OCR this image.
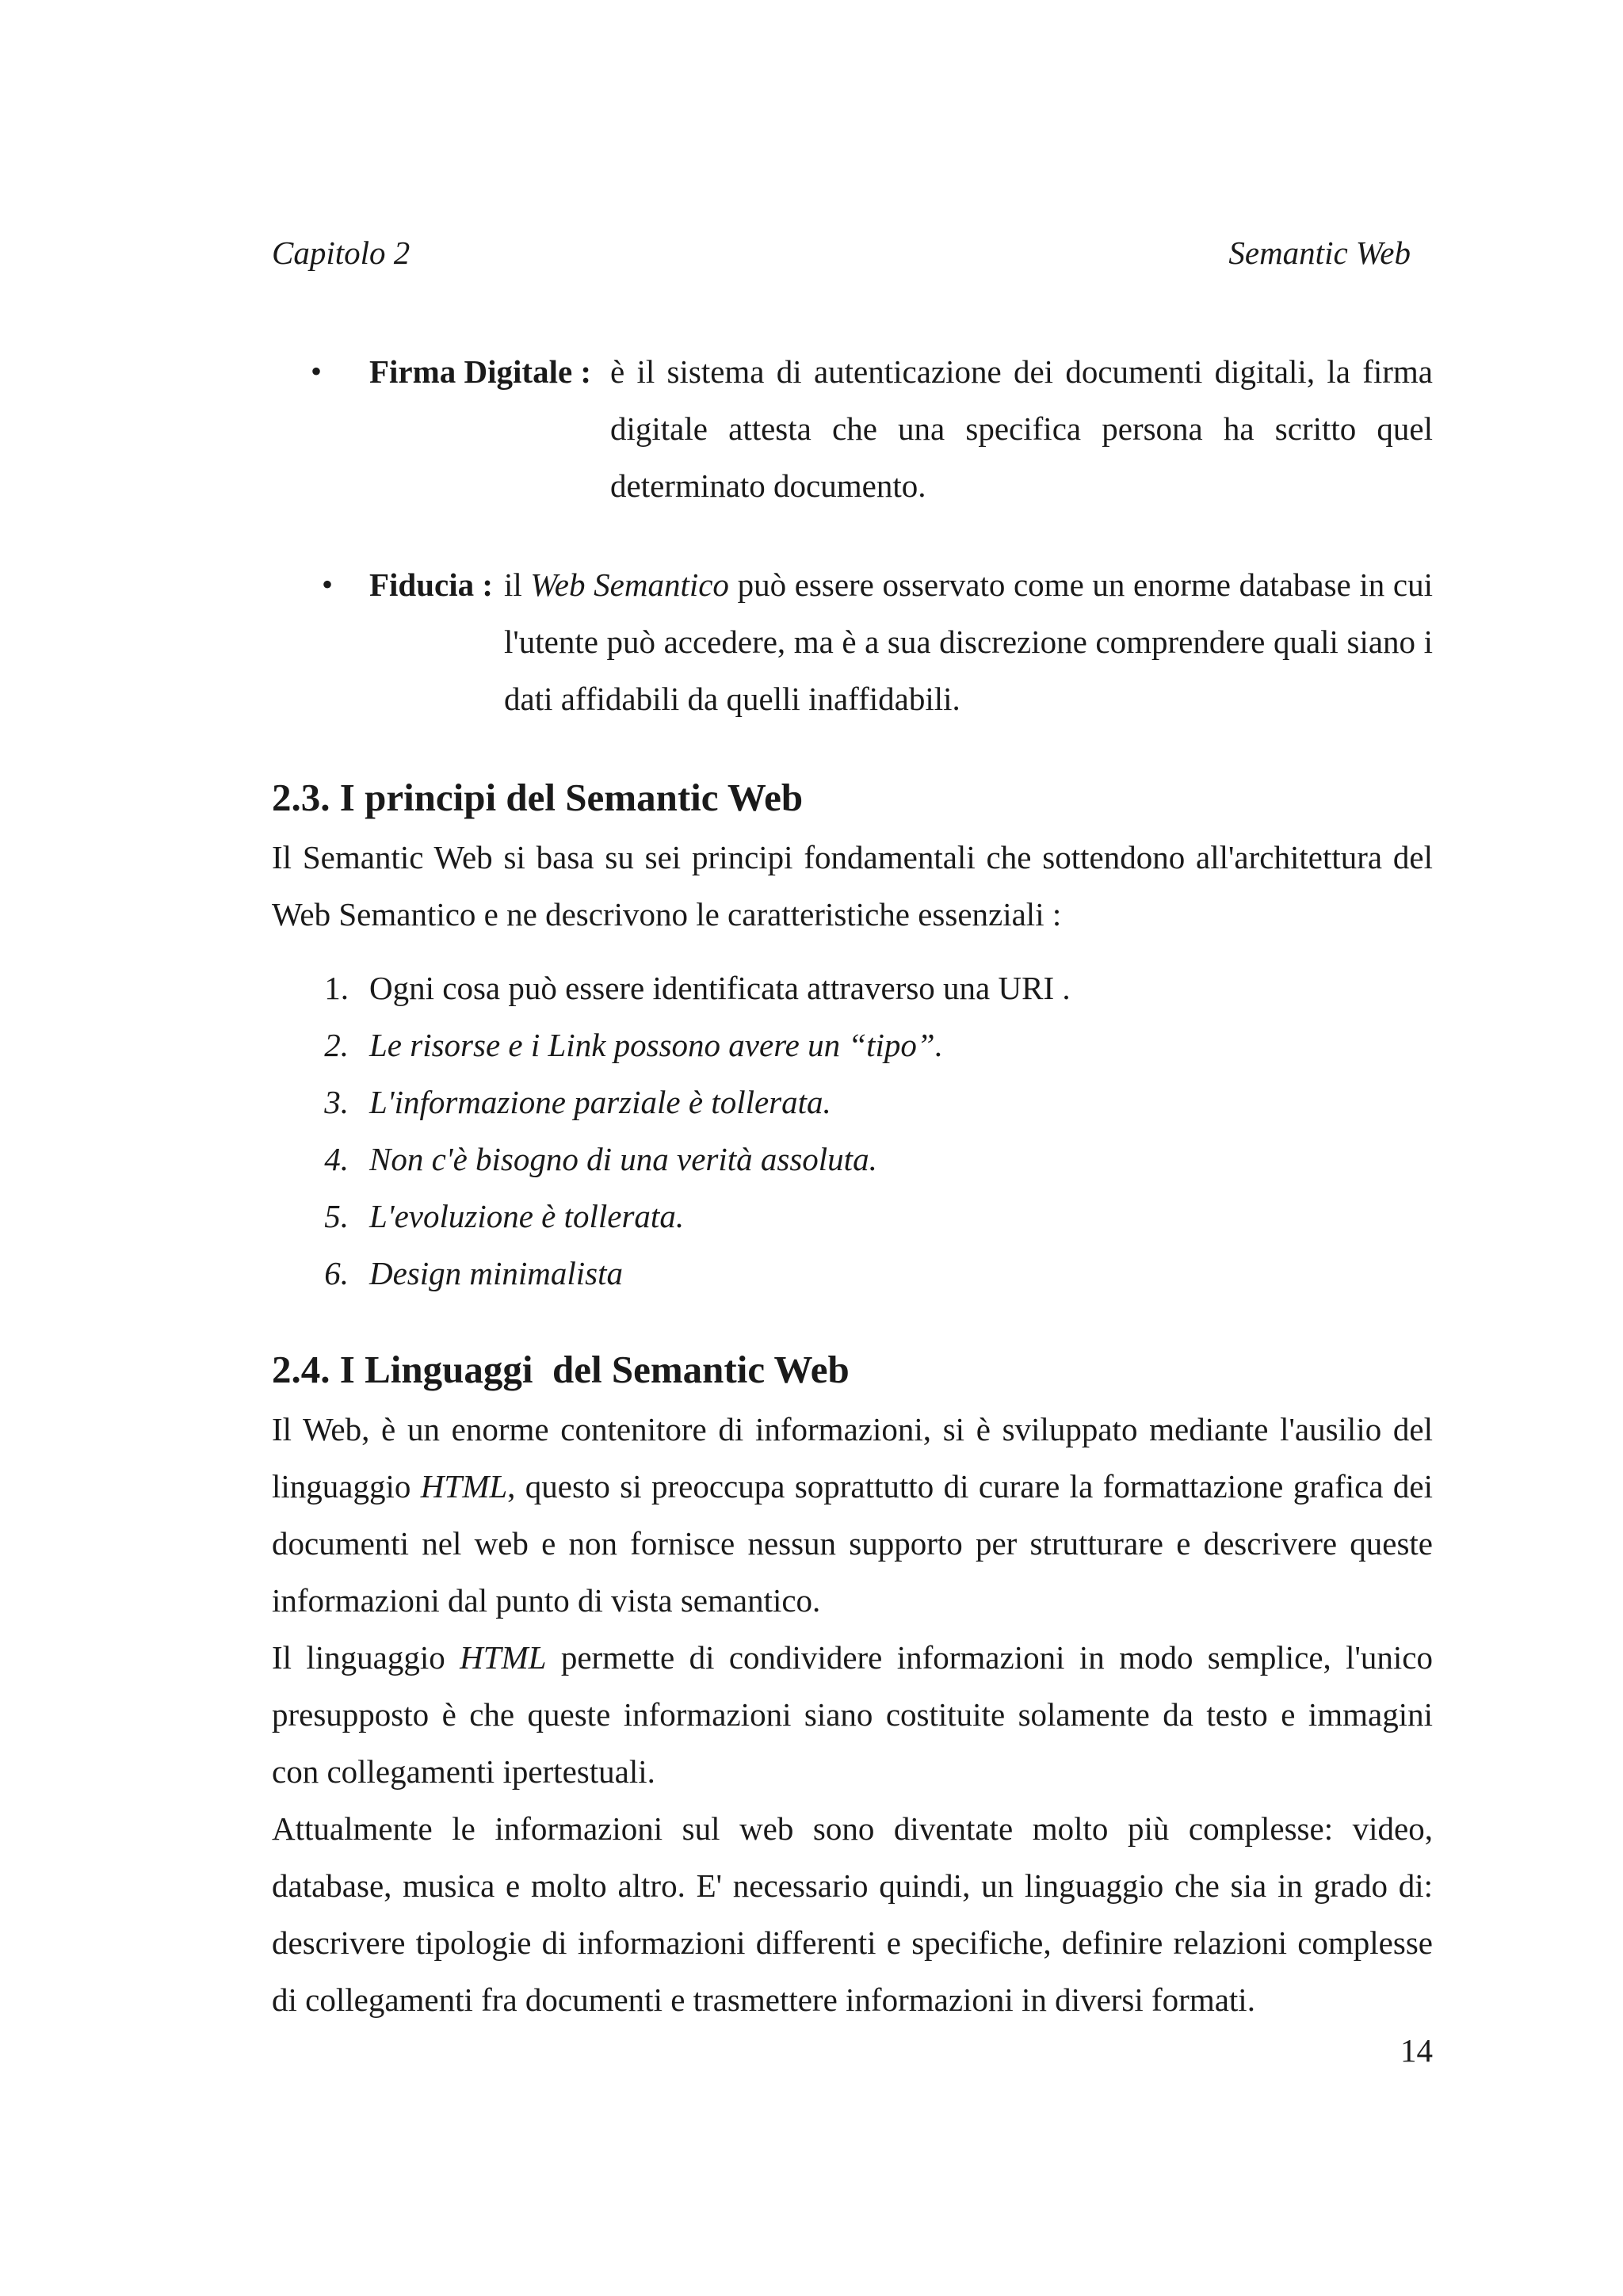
Capitolo 2	Semantic Web
• Firma Digitale : è il sistema di autenticazione dei documenti digitali, la firma digitale attesta che una specifica persona ha scritto quel determinato documento.
• Fiducia : il Web Semantico può essere osservato come un enorme database in cui l'utente può accedere, ma è a sua discrezione comprendere quali siano i dati affidabili da quelli inaffidabili.
2.3. I principi del Semantic Web
Il Semantic Web si basa su sei principi fondamentali che sottendono all'architettura del Web Semantico e ne descrivono le caratteristiche essenziali :
1. Ogni cosa può essere identificata attraverso una URI .
2. Le risorse e i Link possono avere un “tipo”.
3. L'informazione parziale è tollerata.
4. Non c'è bisogno di una verità assoluta.
5. L'evoluzione è tollerata.
6. Design minimalista
2.4. I Linguaggi  del Semantic Web
Il Web, è un enorme contenitore di informazioni, si è sviluppato mediante l'ausilio del linguaggio HTML, questo si preoccupa soprattutto di curare la formattazione grafica dei documenti nel web e non fornisce nessun supporto per strutturare e descrivere queste informazioni dal punto di vista semantico.
Il linguaggio HTML permette di condividere informazioni in modo semplice, l'unico presupposto è che queste informazioni siano costituite solamente da testo e immagini con collegamenti ipertestuali.
Attualmente le informazioni sul web sono diventate molto più complesse: video, database, musica e molto altro. E' necessario quindi, un linguaggio che sia in grado di: descrivere tipologie di informazioni differenti e specifiche, definire relazioni complesse di collegamenti fra documenti e trasmettere informazioni in diversi formati.
14
